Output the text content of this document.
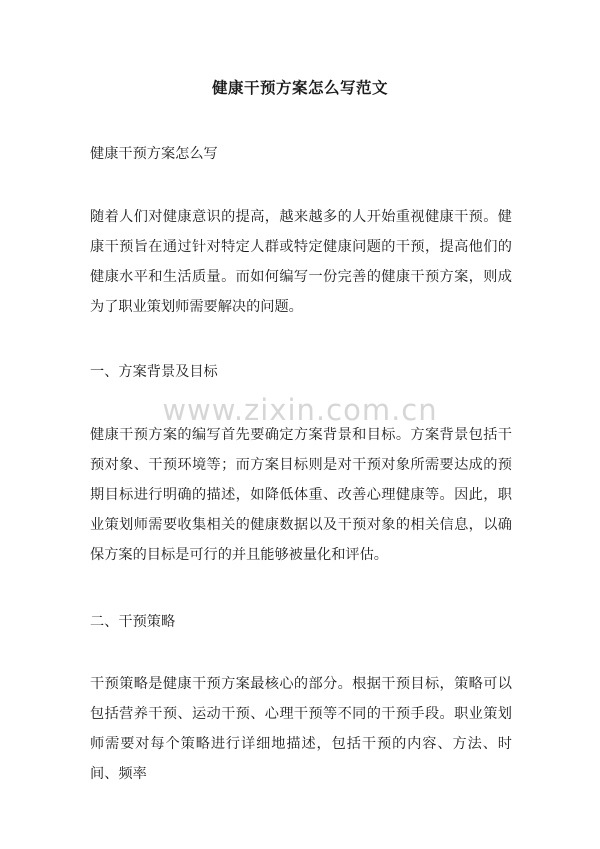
健康干预方案怎么写范文
健康干预方案怎么写

随着人们对健康意识的提高，越来越多的人开始重视健康干预。健康干预旨在通过针对特定人群或特定健康问题的干预，提高他们的健康水平和生活质量。而如何编写一份完善的健康干预方案，则成为了职业策划师需要解决的问题。

一、方案背景及目标

健康干预方案的编写首先要确定方案背景和目标。方案背景包括干预对象、干预环境等；而方案目标则是对干预对象所需要达成的预期目标进行明确的描述，如降低体重、改善心理健康等。因此，职业策划师需要收集相关的健康数据以及干预对象的相关信息，以确保方案的目标是可行的并且能够被量化和评估。

二、干预策略

干预策略是健康干预方案最核心的部分。根据干预目标，策略可以包括营养干预、运动干预、心理干预等不同的干预手段。职业策划师需要对每个策略进行详细地描述，包括干预的内容、方法、时间、频率

www.zixin.com.cn
